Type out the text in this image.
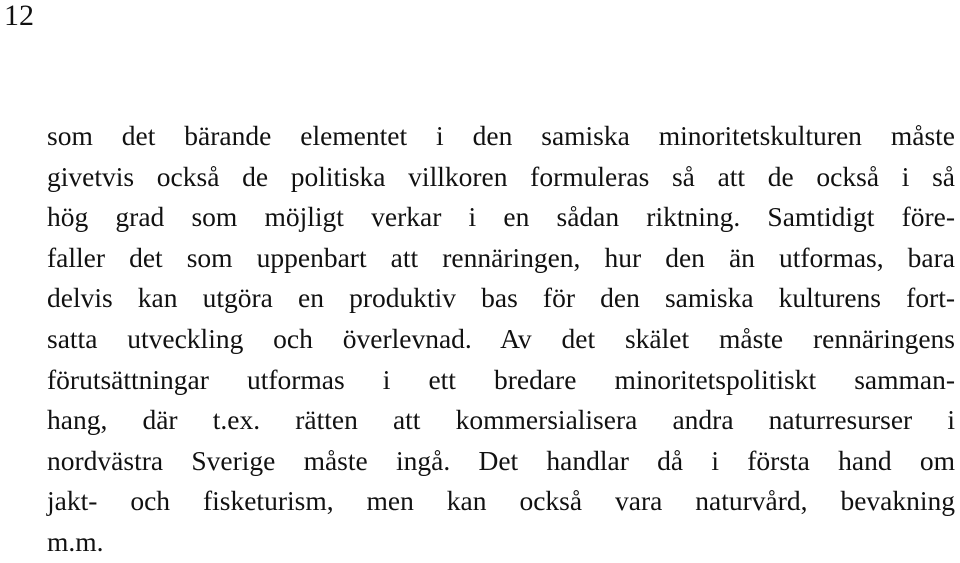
12
som det bärande elementet i den samiska minoritetskulturen måste
givetvis också de politiska villkoren formuleras så att de också i så
hög grad som möjligt verkar i en sådan riktning. Samtidigt före-
faller det som uppenbart att rennäringen, hur den än utformas, bara
delvis kan utgöra en produktiv bas för den samiska kulturens fort-
satta utveckling och överlevnad. Av det skälet måste rennäringens
förutsättningar utformas i ett bredare minoritetspolitiskt samman-
hang, där t.ex. rätten att kommersialisera andra naturresurser i
nordvästra Sverige måste ingå. Det handlar då i första hand om
jakt- och fisketurism, men kan också vara naturvård, bevakning
m.m.
